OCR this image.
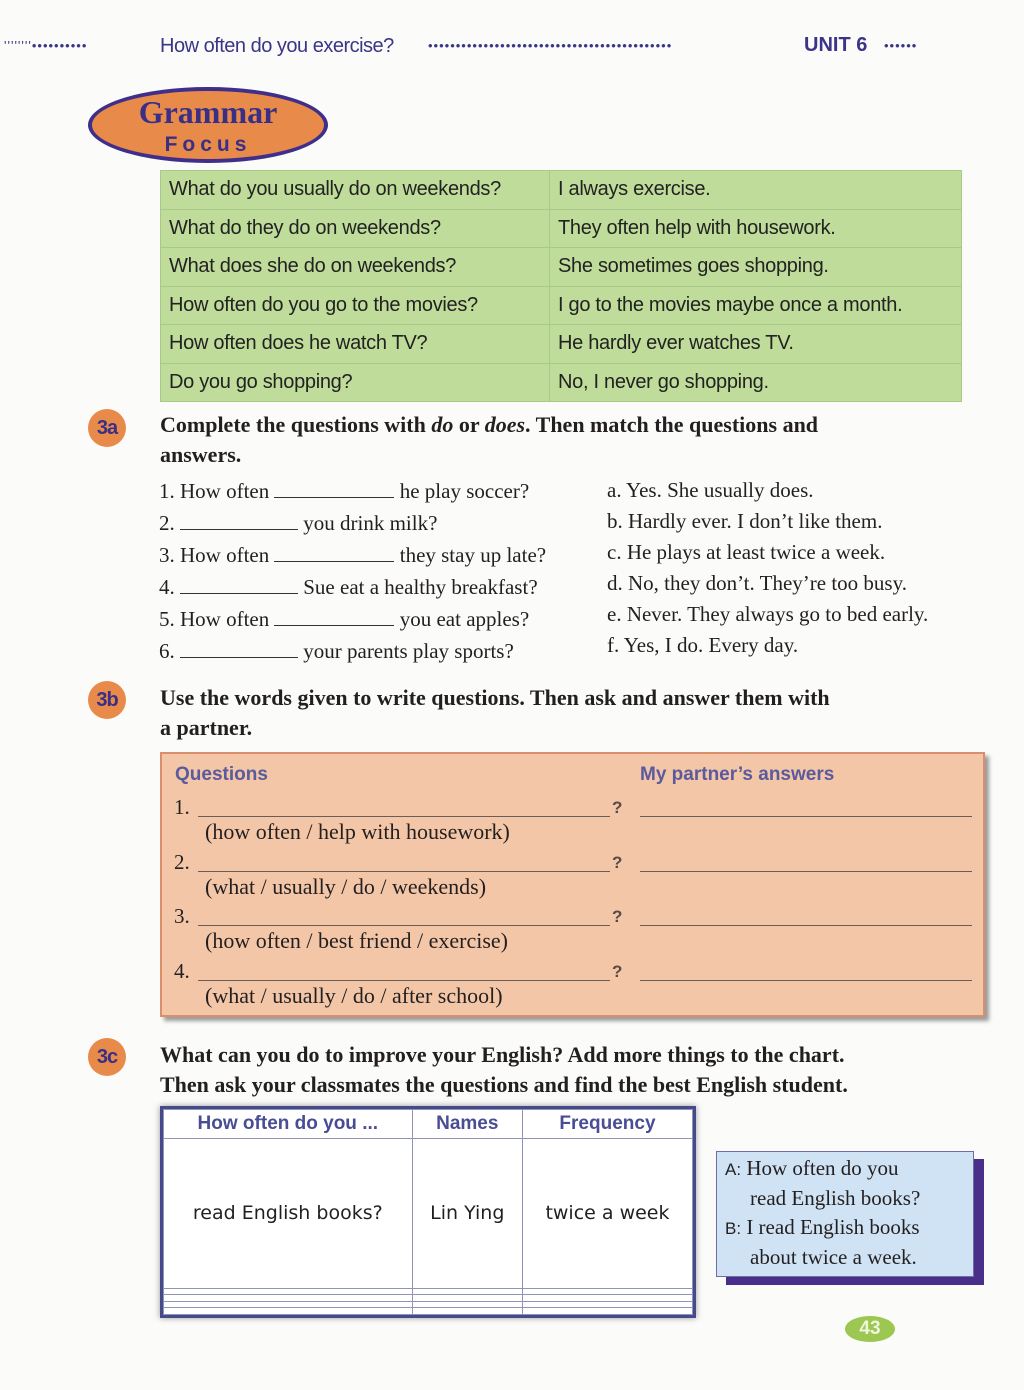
''''''''••••••••••	How often do you exercise?	••••••••••••••••••••••••••••••••••••••••••••	UNIT 6 ••••••
Grammar
Focus
What do you usually do on weekends?	I always exercise.
What do they do on weekends?	They often help with housework.
What does she do on weekends?	She sometimes goes shopping.
How often do you go to the movies?	I go to the movies maybe once a month.
How often does he watch TV?	He hardly ever watches TV.
Do you go shopping?	No, I never go shopping.
3a	Complete the questions with do or does. Then match the questions and
answers.
1. How often	he play soccer?
2.	you drink milk?
3. How often	they stay up late?
4.	Sue eat a healthy breakfast?
5. How often	you eat apples?
6.	your parents play sports?
a. Yes. She usually does.
b. Hardly ever. I don’t like them.
c. He plays at least twice a week.
d. No, they don’t. They’re too busy.
e. Never. They always go to bed early.
f. Yes, I do. Every day.
3b	Use the words given to write questions. Then ask and answer them with
a partner.
Questions	My partner’s answers
1.	?
(how often / help with housework)
2.	?
(what / usually / do / weekends)
3.	?
(how often / best friend / exercise)
4.	?
(what / usually / do / after school)
3c	What can you do to improve your English? Add more things to the chart.
Then ask your classmates the questions and find the best English student.
How often do you ...	Names	Frequency
read English books?	Lin Ying	twice a week

A: How often do you
read English books?
B: I read English books
about twice a week.
43
